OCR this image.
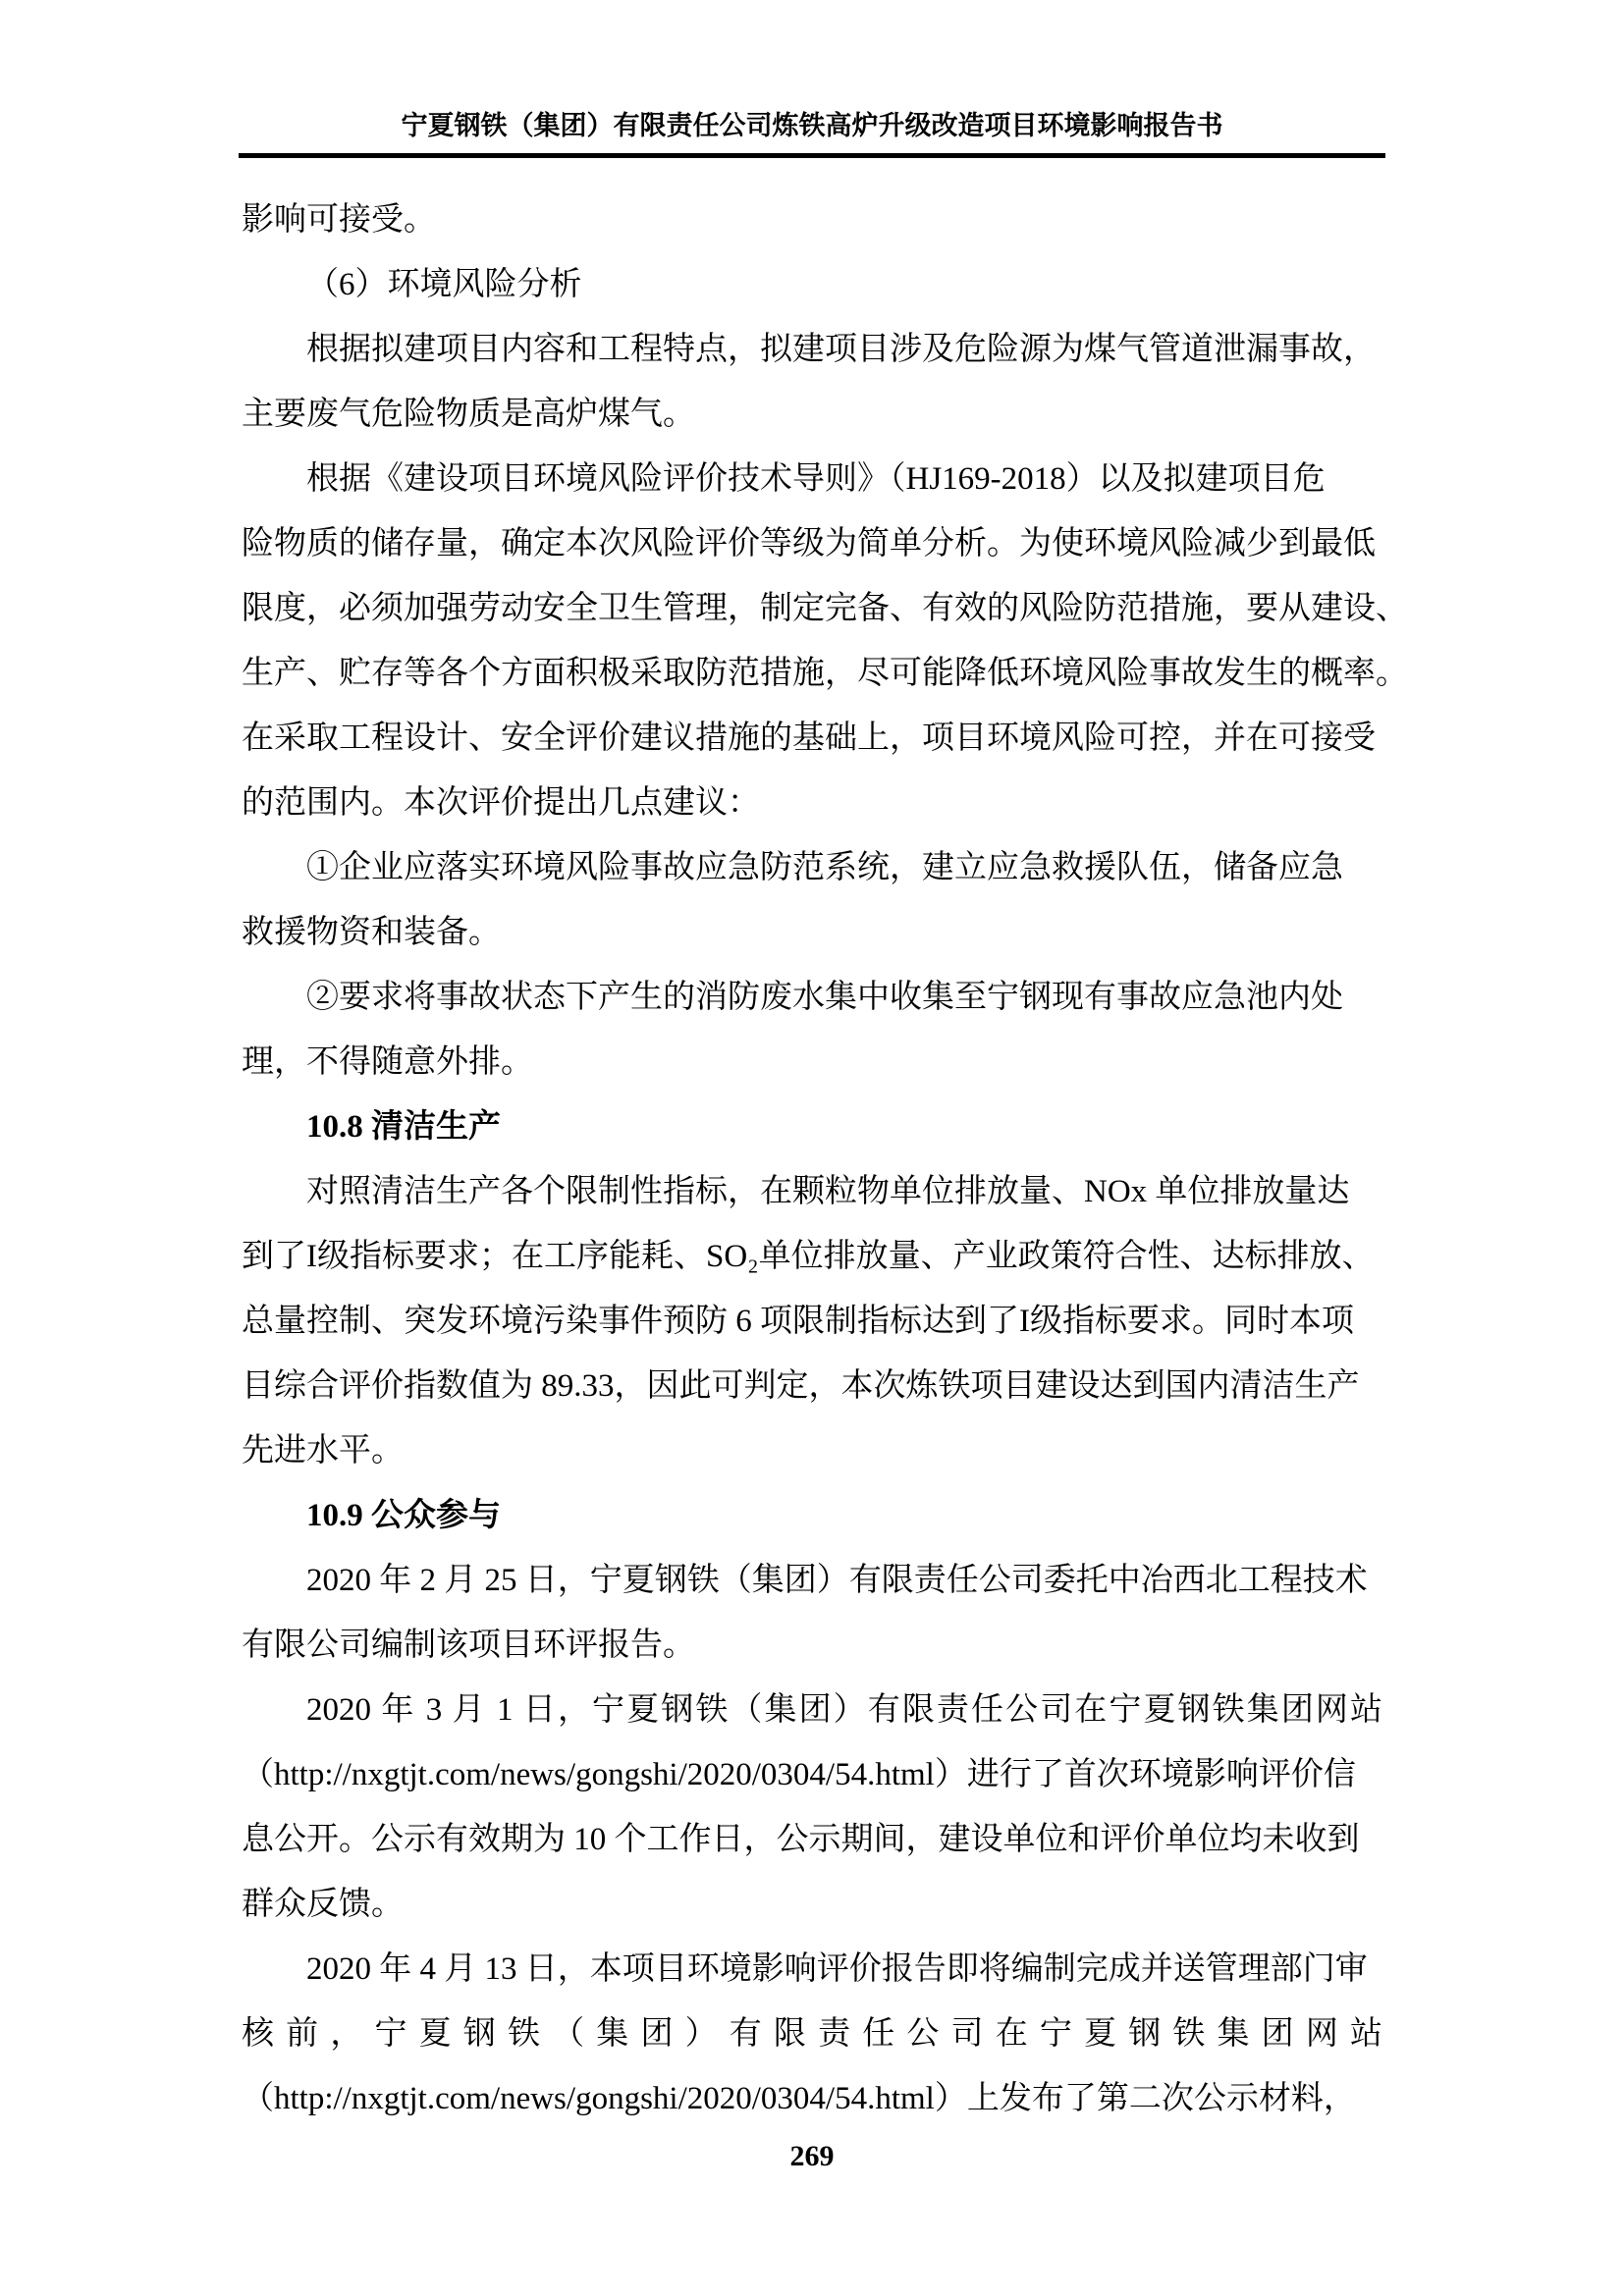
宁夏钢铁（集团）有限责任公司炼铁高炉升级改造项目环境影响报告书
影响可接受。
（6）环境风险分析
根据拟建项目内容和工程特点，拟建项目涉及危险源为煤气管道泄漏事故，
主要废气危险物质是高炉煤气。
根据《建设项目环境风险评价技术导则》（HJ169-2018）以及拟建项目危
险物质的储存量，确定本次风险评价等级为简单分析。为使环境风险减少到最低
限度，必须加强劳动安全卫生管理，制定完备、有效的风险防范措施，要从建设、
生产、贮存等各个方面积极采取防范措施，尽可能降低环境风险事故发生的概率。
在采取工程设计、安全评价建议措施的基础上，项目环境风险可控，并在可接受
的范围内。本次评价提出几点建议：
①企业应落实环境风险事故应急防范系统，建立应急救援队伍，储备应急
救援物资和装备。
②要求将事故状态下产生的消防废水集中收集至宁钢现有事故应急池内处
理，不得随意外排。
10.8 清洁生产
对照清洁生产各个限制性指标，在颗粒物单位排放量、NOx 单位排放量达
到了I级指标要求；在工序能耗、SO₂单位排放量、产业政策符合性、达标排放、
总量控制、突发环境污染事件预防 6 项限制指标达到了I级指标要求。同时本项
目综合评价指数值为 89.33，因此可判定，本次炼铁项目建设达到国内清洁生产
先进水平。
10.9 公众参与
2020 年 2 月 25 日，宁夏钢铁（集团）有限责任公司委托中冶西北工程技术
有限公司编制该项目环评报告。
2020 年 3 月 1 日，宁夏钢铁（集团）有限责任公司在宁夏钢铁集团网站
（http://nxgtjt.com/news/gongshi/2020/0304/54.html）进行了首次环境影响评价信
息公开。公示有效期为 10 个工作日，公示期间，建设单位和评价单位均未收到
群众反馈。
2020 年 4 月 13 日，本项目环境影响评价报告即将编制完成并送管理部门审
核前，宁夏钢铁（集团）有限责任公司在宁夏钢铁集团网站
（http://nxgtjt.com/news/gongshi/2020/0304/54.html）上发布了第二次公示材料，
269
